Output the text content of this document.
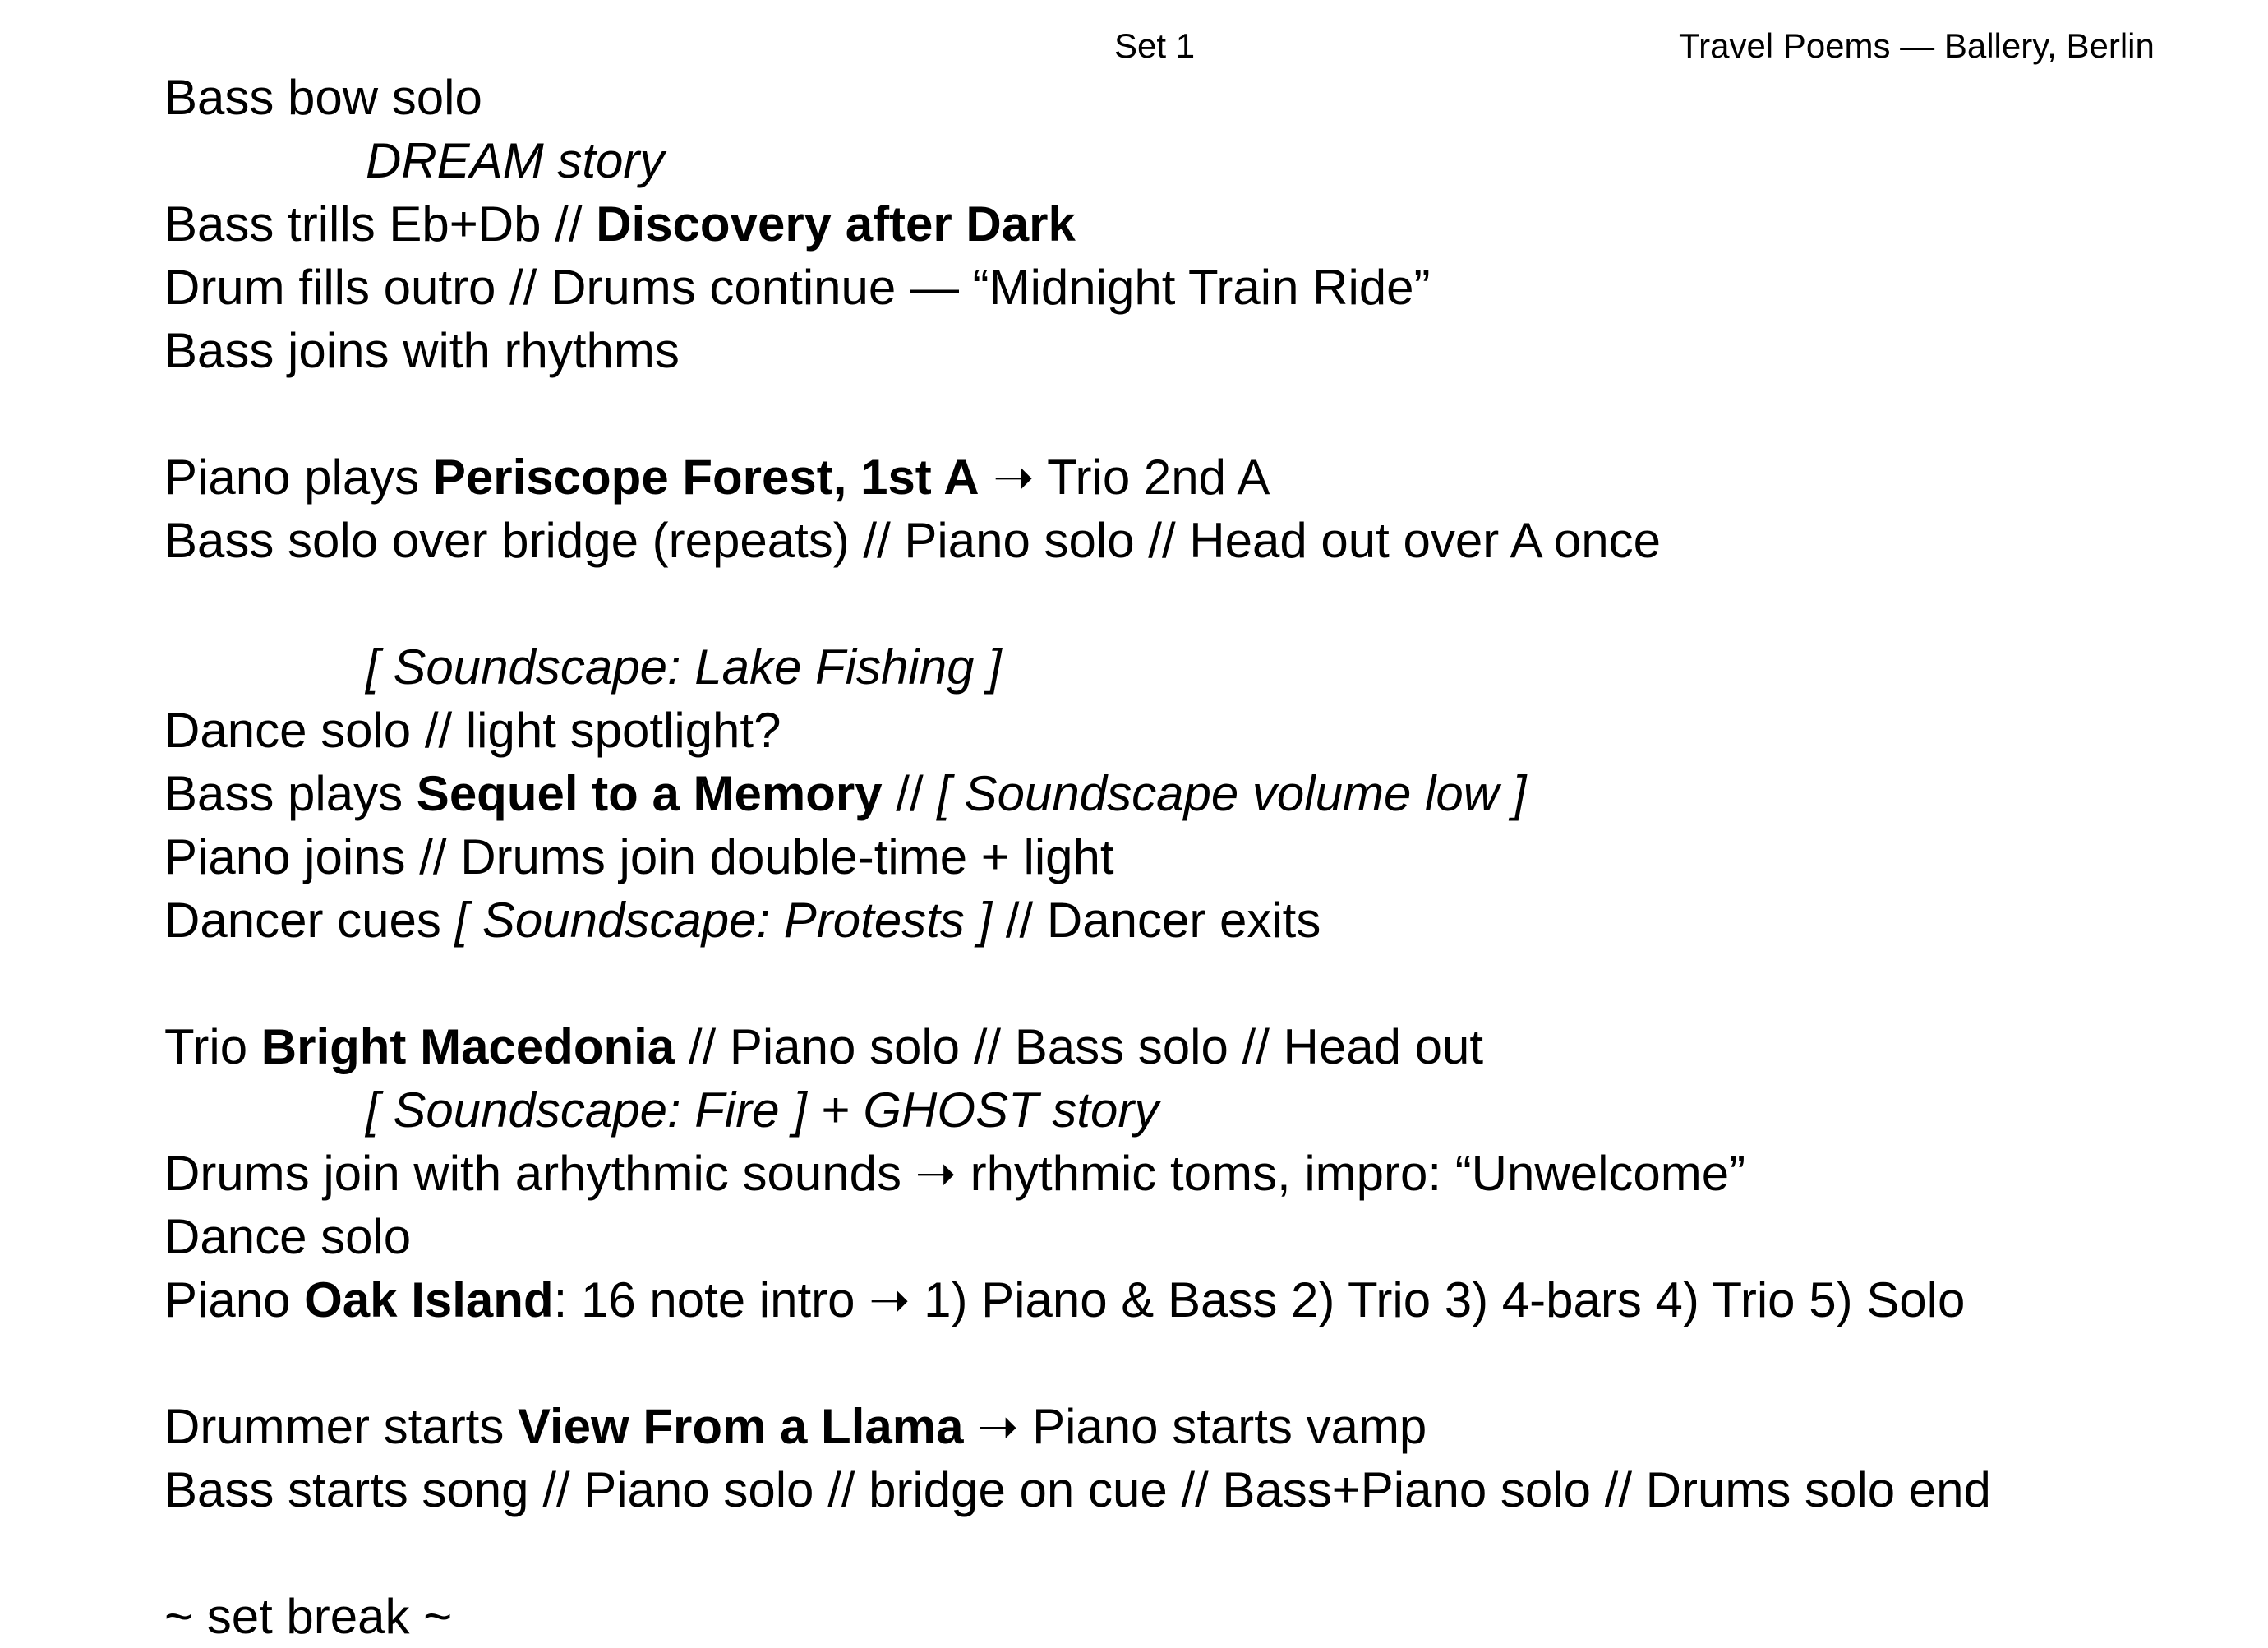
Set 1	Travel Poems — Ballery, Berlin
Bass bow solo
DREAM story
Bass trills Eb+Db // Discovery after Dark
Drum fills outro // Drums continue — “Midnight Train Ride”
Bass joins with rhythms
Piano plays Periscope Forest, 1st A ➝ Trio 2nd A
Bass solo over bridge (repeats) // Piano solo // Head out over A once
[ Soundscape: Lake Fishing ]
Dance solo // light spotlight?
Bass plays Sequel to a Memory // [ Soundscape volume low ]
Piano joins // Drums join double-time + light
Dancer cues [ Soundscape: Protests ] // Dancer exits
Trio Bright Macedonia // Piano solo // Bass solo // Head out
[ Soundscape: Fire ] + GHOST story
Drums join with arhythmic sounds ➝ rhythmic toms, impro: “Unwelcome”
Dance solo
Piano Oak Island: 16 note intro ➝ 1) Piano & Bass 2) Trio 3) 4-bars 4) Trio 5) Solo
Drummer starts View From a Llama ➝ Piano starts vamp
Bass starts song // Piano solo // bridge on cue // Bass+Piano solo // Drums solo end
~ set break ~
